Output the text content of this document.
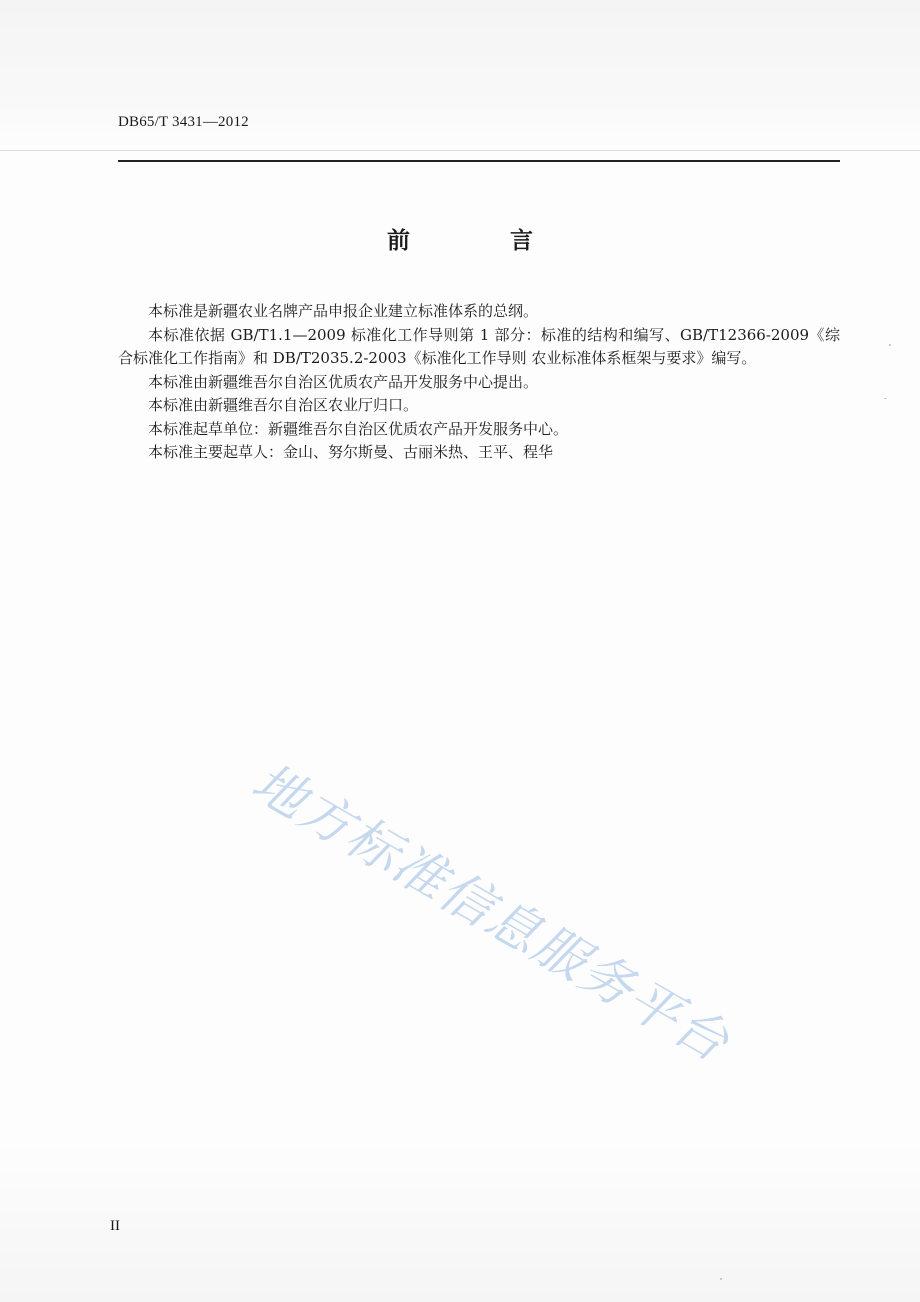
DB65/T 3431—2012
前 言

本标准是新疆农业名牌产品申报企业建立标准体系的总纲。

本标准依据 GB/T1.1—2009 标准化工作导则第 1 部分：标准的结构和编写、GB/T12366-2009《综合标准化工作指南》和 DB/T2035.2-2003《标准化工作导则 农业标准体系框架与要求》编写。

本标准由新疆维吾尔自治区优质农产品开发服务中心提出。

本标准由新疆维吾尔自治区农业厅归口。

本标准起草单位：新疆维吾尔自治区优质农产品开发服务中心。

本标准主要起草人：金山、努尔斯曼、古丽米热、王平、程华

地方标准信息服务平台
II
